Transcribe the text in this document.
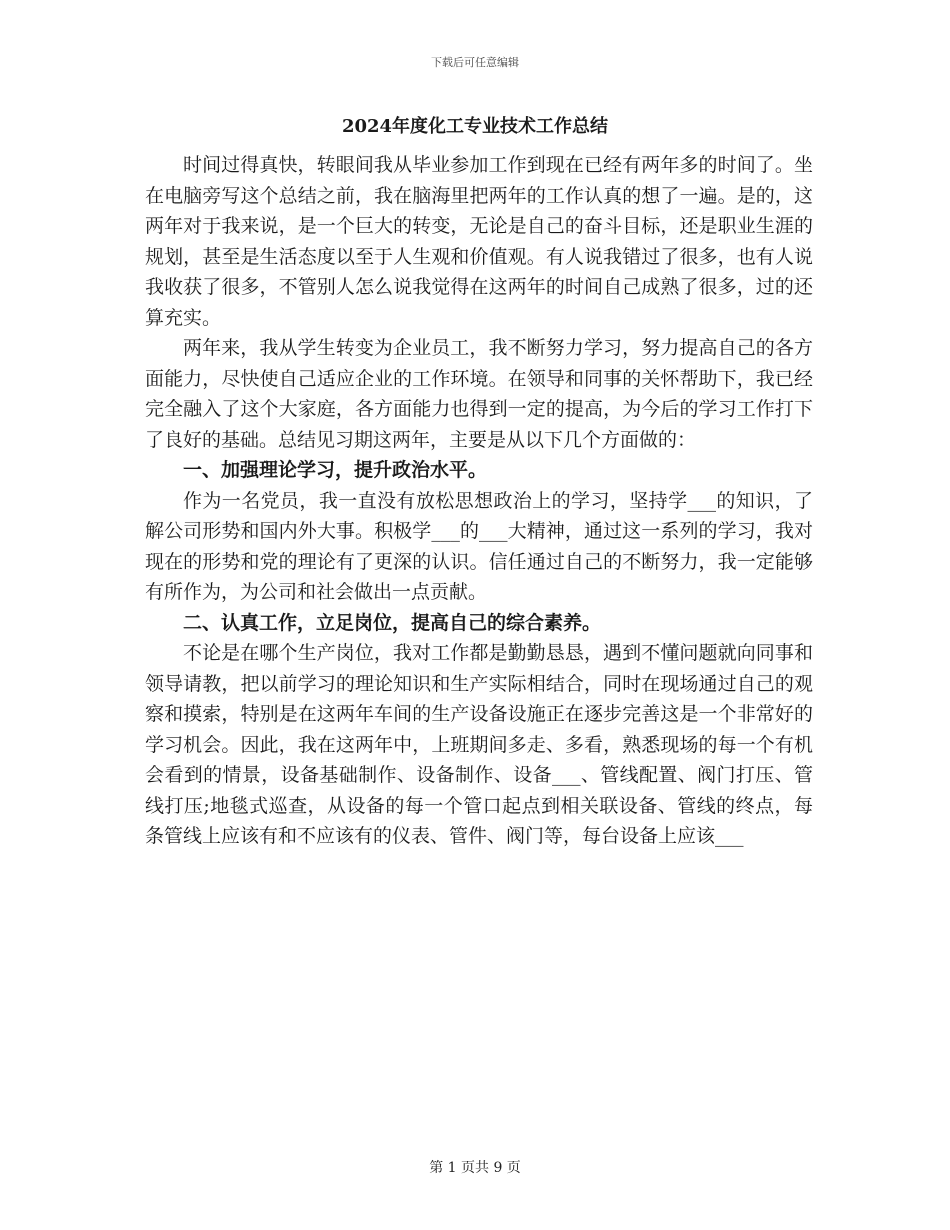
下载后可任意编辑
2024年度化工专业技术工作总结

时间过得真快，转眼间我从毕业参加工作到现在已经有两年多的时间了。坐在电脑旁写这个总结之前，我在脑海里把两年的工作认真的想了一遍。是的，这两年对于我来说，是一个巨大的转变，无论是自己的奋斗目标，还是职业生涯的规划，甚至是生活态度以至于人生观和价值观。有人说我错过了很多，也有人说我收获了很多，不管别人怎么说我觉得在这两年的时间自己成熟了很多，过的还算充实。

两年来，我从学生转变为企业员工，我不断努力学习，努力提高自己的各方面能力，尽快使自己适应企业的工作环境。在领导和同事的关怀帮助下，我已经完全融入了这个大家庭，各方面能力也得到一定的提高，为今后的学习工作打下了良好的基础。总结见习期这两年，主要是从以下几个方面做的：

一、加强理论学习，提升政治水平。

作为一名党员，我一直没有放松思想政治上的学习，坚持学___的知识，了解公司形势和国内外大事。积极学___的___大精神，通过这一系列的学习，我对现在的形势和党的理论有了更深的认识。信任通过自己的不断努力，我一定能够有所作为，为公司和社会做出一点贡献。

二、认真工作，立足岗位，提高自己的综合素养。

不论是在哪个生产岗位，我对工作都是勤勤恳恳，遇到不懂问题就向同事和领导请教，把以前学习的理论知识和生产实际相结合，同时在现场通过自己的观察和摸索，特别是在这两年车间的生产设备设施正在逐步完善这是一个非常好的学习机会。因此，我在这两年中，上班期间多走、多看，熟悉现场的每一个有机会看到的情景，设备基础制作、设备制作、设备___、管线配置、阀门打压、管线打压;地毯式巡查，从设备的每一个管口起点到相关联设备、管线的终点，每条管线上应该有和不应该有的仪表、管件、阀门等，每台设备上应该___

第 1 页共 9 页
